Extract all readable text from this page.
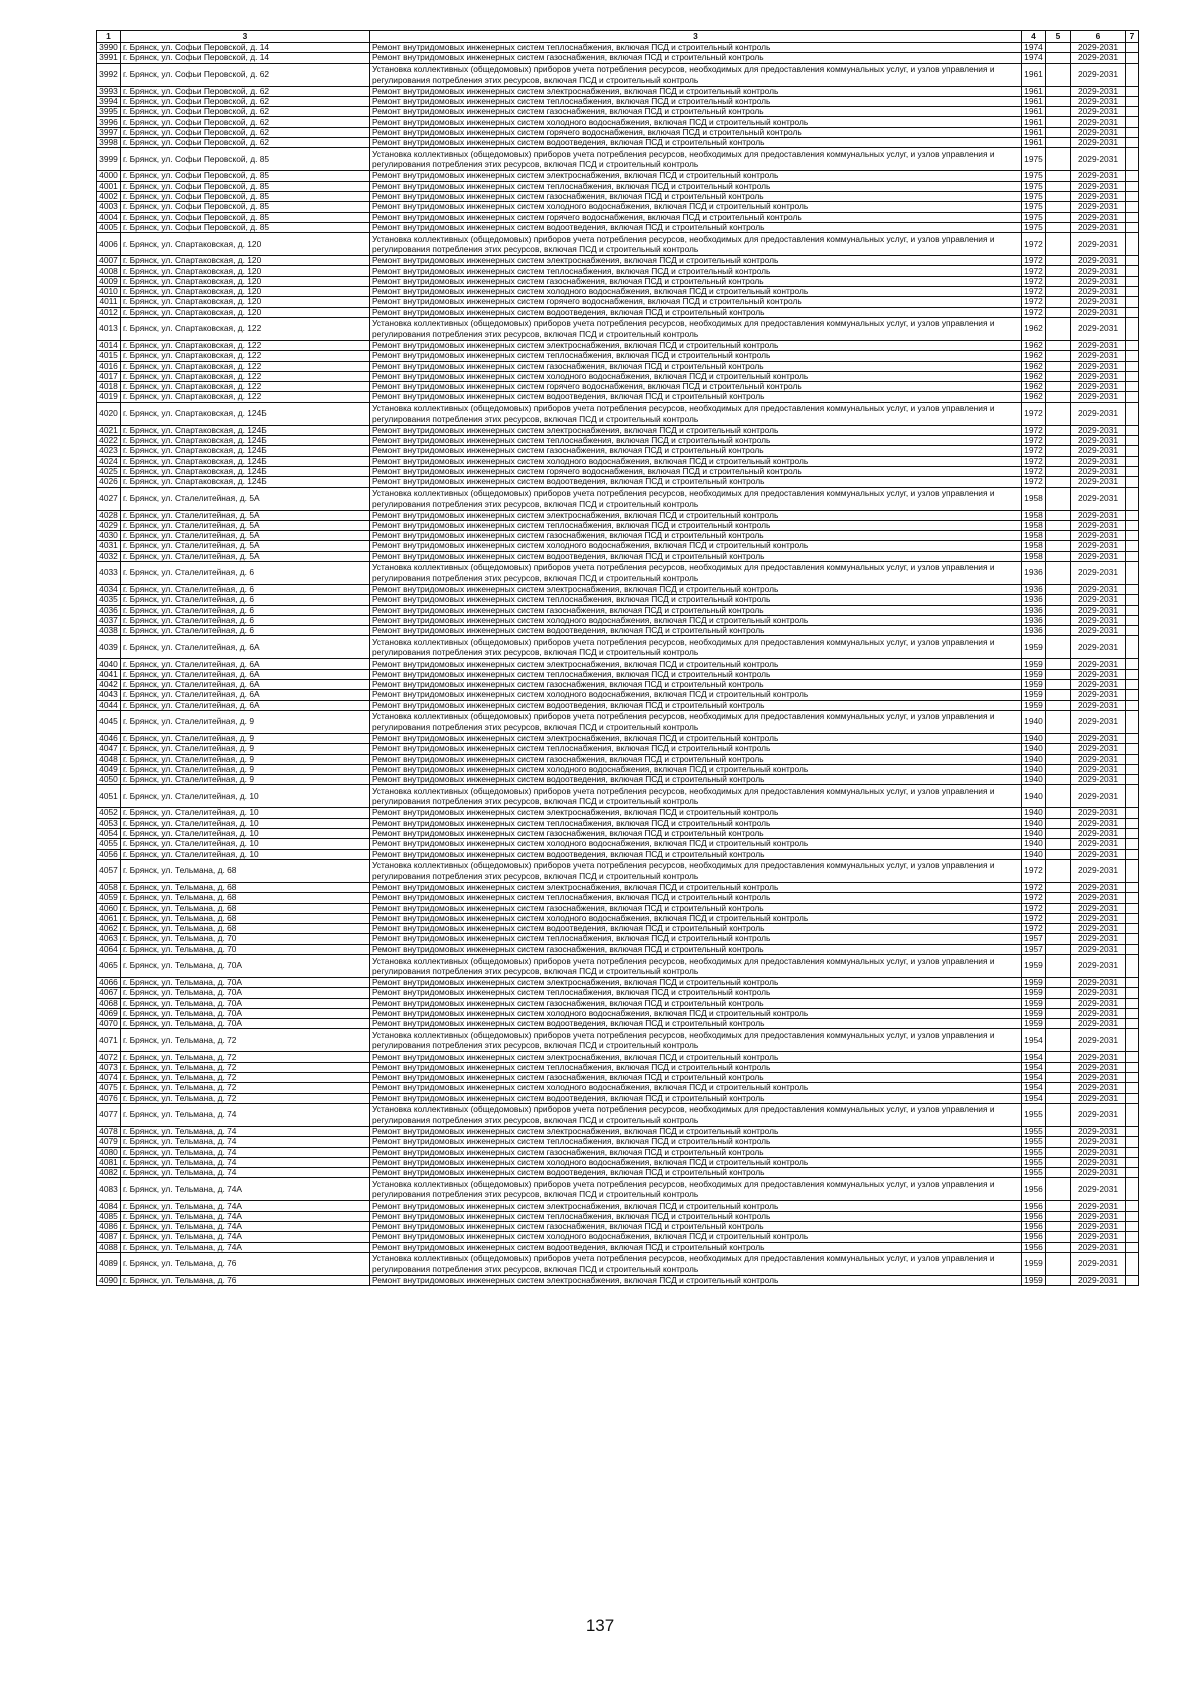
1	3	3	4	5	6	7
3990	г. Брянск, ул. Софьи Перовской, д. 14	Ремонт внутридомовых инженерных систем теплоснабжения, включая ПСД и строительный контроль	1974		2029-2031	
3991	г. Брянск, ул. Софьи Перовской, д. 14	Ремонт внутридомовых инженерных систем газоснабжения, включая ПСД и строительный контроль	1974		2029-2031	
3992	г. Брянск, ул. Софьи Перовской, д. 62	Установка коллективных (общедомовых) приборов учета потребления ресурсов, необходимых для предоставления коммунальных услуг, и узлов управления и регулирования потребления этих ресурсов, включая ПСД и строительный контроль	1961		2029-2031	
3993	г. Брянск, ул. Софьи Перовской, д. 62	Ремонт внутридомовых инженерных систем электроснабжения, включая ПСД и строительный контроль	1961		2029-2031	
3994	г. Брянск, ул. Софьи Перовской, д. 62	Ремонт внутридомовых инженерных систем теплоснабжения, включая ПСД и строительный контроль	1961		2029-2031	
3995	г. Брянск, ул. Софьи Перовской, д. 62	Ремонт внутридомовых инженерных систем газоснабжения, включая ПСД и строительный контроль	1961		2029-2031	
3996	г. Брянск, ул. Софьи Перовской, д. 62	Ремонт внутридомовых инженерных систем холодного водоснабжения, включая ПСД и строительный контроль	1961		2029-2031	
3997	г. Брянск, ул. Софьи Перовской, д. 62	Ремонт внутридомовых инженерных систем горячего водоснабжения, включая ПСД и строительный контроль	1961		2029-2031	
3998	г. Брянск, ул. Софьи Перовской, д. 62	Ремонт внутридомовых инженерных систем водоотведения, включая ПСД и строительный контроль	1961		2029-2031	
3999	г. Брянск, ул. Софьи Перовской, д. 85	Установка коллективных (общедомовых) приборов учета потребления ресурсов, необходимых для предоставления коммунальных услуг, и узлов управления и регулирования потребления этих ресурсов, включая ПСД и строительный контроль	1975		2029-2031	
4000	г. Брянск, ул. Софьи Перовской, д. 85	Ремонт внутридомовых инженерных систем электроснабжения, включая ПСД и строительный контроль	1975		2029-2031	
4001	г. Брянск, ул. Софьи Перовской, д. 85	Ремонт внутридомовых инженерных систем теплоснабжения, включая ПСД и строительный контроль	1975		2029-2031	
4002	г. Брянск, ул. Софьи Перовской, д. 85	Ремонт внутридомовых инженерных систем газоснабжения, включая ПСД и строительный контроль	1975		2029-2031	
4003	г. Брянск, ул. Софьи Перовской, д. 85	Ремонт внутридомовых инженерных систем холодного водоснабжения, включая ПСД и строительный контроль	1975		2029-2031	
4004	г. Брянск, ул. Софьи Перовской, д. 85	Ремонт внутридомовых инженерных систем горячего водоснабжения, включая ПСД и строительный контроль	1975		2029-2031	
4005	г. Брянск, ул. Софьи Перовской, д. 85	Ремонт внутридомовых инженерных систем водоотведения, включая ПСД и строительный контроль	1975		2029-2031	
4006	г. Брянск, ул. Спартаковская, д. 120	Установка коллективных (общедомовых) приборов учета потребления ресурсов, необходимых для предоставления коммунальных услуг, и узлов управления и регулирования потребления этих ресурсов, включая ПСД и строительный контроль	1972		2029-2031	
4007	г. Брянск, ул. Спартаковская, д. 120	Ремонт внутридомовых инженерных систем электроснабжения, включая ПСД и строительный контроль	1972		2029-2031	
4008	г. Брянск, ул. Спартаковская, д. 120	Ремонт внутридомовых инженерных систем теплоснабжения, включая ПСД и строительный контроль	1972		2029-2031	
4009	г. Брянск, ул. Спартаковская, д. 120	Ремонт внутридомовых инженерных систем газоснабжения, включая ПСД и строительный контроль	1972		2029-2031	
4010	г. Брянск, ул. Спартаковская, д. 120	Ремонт внутридомовых инженерных систем холодного водоснабжения, включая ПСД и строительный контроль	1972		2029-2031	
4011	г. Брянск, ул. Спартаковская, д. 120	Ремонт внутридомовых инженерных систем горячего водоснабжения, включая ПСД и строительный контроль	1972		2029-2031	
4012	г. Брянск, ул. Спартаковская, д. 120	Ремонт внутридомовых инженерных систем водоотведения, включая ПСД и строительный контроль	1972		2029-2031	
4013	г. Брянск, ул. Спартаковская, д. 122	Установка коллективных (общедомовых) приборов учета потребления ресурсов, необходимых для предоставления коммунальных услуг, и узлов управления и регулирования потребления этих ресурсов, включая ПСД и строительный контроль	1962		2029-2031	
4014	г. Брянск, ул. Спартаковская, д. 122	Ремонт внутридомовых инженерных систем электроснабжения, включая ПСД и строительный контроль	1962		2029-2031	
4015	г. Брянск, ул. Спартаковская, д. 122	Ремонт внутридомовых инженерных систем теплоснабжения, включая ПСД и строительный контроль	1962		2029-2031	
4016	г. Брянск, ул. Спартаковская, д. 122	Ремонт внутридомовых инженерных систем газоснабжения, включая ПСД и строительный контроль	1962		2029-2031	
4017	г. Брянск, ул. Спартаковская, д. 122	Ремонт внутридомовых инженерных систем холодного водоснабжения, включая ПСД и строительный контроль	1962		2029-2031	
4018	г. Брянск, ул. Спартаковская, д. 122	Ремонт внутридомовых инженерных систем горячего водоснабжения, включая ПСД и строительный контроль	1962		2029-2031	
4019	г. Брянск, ул. Спартаковская, д. 122	Ремонт внутридомовых инженерных систем водоотведения, включая ПСД и строительный контроль	1962		2029-2031	
4020	г. Брянск, ул. Спартаковская, д. 124Б	Установка коллективных (общедомовых) приборов учета потребления ресурсов, необходимых для предоставления коммунальных услуг, и узлов управления и регулирования потребления этих ресурсов, включая ПСД и строительный контроль	1972		2029-2031	
4021	г. Брянск, ул. Спартаковская, д. 124Б	Ремонт внутридомовых инженерных систем электроснабжения, включая ПСД и строительный контроль	1972		2029-2031	
4022	г. Брянск, ул. Спартаковская, д. 124Б	Ремонт внутридомовых инженерных систем теплоснабжения, включая ПСД и строительный контроль	1972		2029-2031	
4023	г. Брянск, ул. Спартаковская, д. 124Б	Ремонт внутридомовых инженерных систем газоснабжения, включая ПСД и строительный контроль	1972		2029-2031	
4024	г. Брянск, ул. Спартаковская, д. 124Б	Ремонт внутридомовых инженерных систем холодного водоснабжения, включая ПСД и строительный контроль	1972		2029-2031	
4025	г. Брянск, ул. Спартаковская, д. 124Б	Ремонт внутридомовых инженерных систем горячего водоснабжения, включая ПСД и строительный контроль	1972		2029-2031	
4026	г. Брянск, ул. Спартаковская, д. 124Б	Ремонт внутридомовых инженерных систем водоотведения, включая ПСД и строительный контроль	1972		2029-2031	
4027	г. Брянск, ул. Сталелитейная, д. 5А	Установка коллективных (общедомовых) приборов учета потребления ресурсов, необходимых для предоставления коммунальных услуг, и узлов управления и регулирования потребления этих ресурсов, включая ПСД и строительный контроль	1958		2029-2031	
4028	г. Брянск, ул. Сталелитейная, д. 5А	Ремонт внутридомовых инженерных систем электроснабжения, включая ПСД и строительный контроль	1958		2029-2031	
4029	г. Брянск, ул. Сталелитейная, д. 5А	Ремонт внутридомовых инженерных систем теплоснабжения, включая ПСД и строительный контроль	1958		2029-2031	
4030	г. Брянск, ул. Сталелитейная, д. 5А	Ремонт внутридомовых инженерных систем газоснабжения, включая ПСД и строительный контроль	1958		2029-2031	
4031	г. Брянск, ул. Сталелитейная, д. 5А	Ремонт внутридомовых инженерных систем холодного водоснабжения, включая ПСД и строительный контроль	1958		2029-2031	
4032	г. Брянск, ул. Сталелитейная, д. 5А	Ремонт внутридомовых инженерных систем водоотведения, включая ПСД и строительный контроль	1958		2029-2031	
4033	г. Брянск, ул. Сталелитейная, д. 6	Установка коллективных (общедомовых) приборов учета потребления ресурсов, необходимых для предоставления коммунальных услуг, и узлов управления и регулирования потребления этих ресурсов, включая ПСД и строительный контроль	1936		2029-2031	
4034	г. Брянск, ул. Сталелитейная, д. 6	Ремонт внутридомовых инженерных систем электроснабжения, включая ПСД и строительный контроль	1936		2029-2031	
4035	г. Брянск, ул. Сталелитейная, д. 6	Ремонт внутридомовых инженерных систем теплоснабжения, включая ПСД и строительный контроль	1936		2029-2031	
4036	г. Брянск, ул. Сталелитейная, д. 6	Ремонт внутридомовых инженерных систем газоснабжения, включая ПСД и строительный контроль	1936		2029-2031	
4037	г. Брянск, ул. Сталелитейная, д. 6	Ремонт внутридомовых инженерных систем холодного водоснабжения, включая ПСД и строительный контроль	1936		2029-2031	
4038	г. Брянск, ул. Сталелитейная, д. 6	Ремонт внутридомовых инженерных систем водоотведения, включая ПСД и строительный контроль	1936		2029-2031	
4039	г. Брянск, ул. Сталелитейная, д. 6А	Установка коллективных (общедомовых) приборов учета потребления ресурсов, необходимых для предоставления коммунальных услуг, и узлов управления и регулирования потребления этих ресурсов, включая ПСД и строительный контроль	1959		2029-2031	
4040	г. Брянск, ул. Сталелитейная, д. 6А	Ремонт внутридомовых инженерных систем электроснабжения, включая ПСД и строительный контроль	1959		2029-2031	
4041	г. Брянск, ул. Сталелитейная, д. 6А	Ремонт внутридомовых инженерных систем теплоснабжения, включая ПСД и строительный контроль	1959		2029-2031	
4042	г. Брянск, ул. Сталелитейная, д. 6А	Ремонт внутридомовых инженерных систем газоснабжения, включая ПСД и строительный контроль	1959		2029-2031	
4043	г. Брянск, ул. Сталелитейная, д. 6А	Ремонт внутридомовых инженерных систем холодного водоснабжения, включая ПСД и строительный контроль	1959		2029-2031	
4044	г. Брянск, ул. Сталелитейная, д. 6А	Ремонт внутридомовых инженерных систем водоотведения, включая ПСД и строительный контроль	1959		2029-2031	
4045	г. Брянск, ул. Сталелитейная, д. 9	Установка коллективных (общедомовых) приборов учета потребления ресурсов, необходимых для предоставления коммунальных услуг, и узлов управления и регулирования потребления этих ресурсов, включая ПСД и строительный контроль	1940		2029-2031	
4046	г. Брянск, ул. Сталелитейная, д. 9	Ремонт внутридомовых инженерных систем электроснабжения, включая ПСД и строительный контроль	1940		2029-2031	
4047	г. Брянск, ул. Сталелитейная, д. 9	Ремонт внутридомовых инженерных систем теплоснабжения, включая ПСД и строительный контроль	1940		2029-2031	
4048	г. Брянск, ул. Сталелитейная, д. 9	Ремонт внутридомовых инженерных систем газоснабжения, включая ПСД и строительный контроль	1940		2029-2031	
4049	г. Брянск, ул. Сталелитейная, д. 9	Ремонт внутридомовых инженерных систем холодного водоснабжения, включая ПСД и строительный контроль	1940		2029-2031	
4050	г. Брянск, ул. Сталелитейная, д. 9	Ремонт внутридомовых инженерных систем водоотведения, включая ПСД и строительный контроль	1940		2029-2031	
4051	г. Брянск, ул. Сталелитейная, д. 10	Установка коллективных (общедомовых) приборов учета потребления ресурсов, необходимых для предоставления коммунальных услуг, и узлов управления и регулирования потребления этих ресурсов, включая ПСД и строительный контроль	1940		2029-2031	
4052	г. Брянск, ул. Сталелитейная, д. 10	Ремонт внутридомовых инженерных систем электроснабжения, включая ПСД и строительный контроль	1940		2029-2031	
4053	г. Брянск, ул. Сталелитейная, д. 10	Ремонт внутридомовых инженерных систем теплоснабжения, включая ПСД и строительный контроль	1940		2029-2031	
4054	г. Брянск, ул. Сталелитейная, д. 10	Ремонт внутридомовых инженерных систем газоснабжения, включая ПСД и строительный контроль	1940		2029-2031	
4055	г. Брянск, ул. Сталелитейная, д. 10	Ремонт внутридомовых инженерных систем холодного водоснабжения, включая ПСД и строительный контроль	1940		2029-2031	
4056	г. Брянск, ул. Сталелитейная, д. 10	Ремонт внутридомовых инженерных систем водоотведения, включая ПСД и строительный контроль	1940		2029-2031	
4057	г. Брянск, ул. Тельмана, д. 68	Установка коллективных (общедомовых) приборов учета потребления ресурсов, необходимых для предоставления коммунальных услуг, и узлов управления и регулирования потребления этих ресурсов, включая ПСД и строительный контроль	1972		2029-2031	
4058	г. Брянск, ул. Тельмана, д. 68	Ремонт внутридомовых инженерных систем электроснабжения, включая ПСД и строительный контроль	1972		2029-2031	
4059	г. Брянск, ул. Тельмана, д. 68	Ремонт внутридомовых инженерных систем теплоснабжения, включая ПСД и строительный контроль	1972		2029-2031	
4060	г. Брянск, ул. Тельмана, д. 68	Ремонт внутридомовых инженерных систем газоснабжения, включая ПСД и строительный контроль	1972		2029-2031	
4061	г. Брянск, ул. Тельмана, д. 68	Ремонт внутридомовых инженерных систем холодного водоснабжения, включая ПСД и строительный контроль	1972		2029-2031	
4062	г. Брянск, ул. Тельмана, д. 68	Ремонт внутридомовых инженерных систем водоотведения, включая ПСД и строительный контроль	1972		2029-2031	
4063	г. Брянск, ул. Тельмана, д. 70	Ремонт внутридомовых инженерных систем теплоснабжения, включая ПСД и строительный контроль	1957		2029-2031	
4064	г. Брянск, ул. Тельмана, д. 70	Ремонт внутридомовых инженерных систем газоснабжения, включая ПСД и строительный контроль	1957		2029-2031	
4065	г. Брянск, ул. Тельмана, д. 70А	Установка коллективных (общедомовых) приборов учета потребления ресурсов, необходимых для предоставления коммунальных услуг, и узлов управления и регулирования потребления этих ресурсов, включая ПСД и строительный контроль	1959		2029-2031	
4066	г. Брянск, ул. Тельмана, д. 70А	Ремонт внутридомовых инженерных систем электроснабжения, включая ПСД и строительный контроль	1959		2029-2031	
4067	г. Брянск, ул. Тельмана, д. 70А	Ремонт внутридомовых инженерных систем теплоснабжения, включая ПСД и строительный контроль	1959		2029-2031	
4068	г. Брянск, ул. Тельмана, д. 70А	Ремонт внутридомовых инженерных систем газоснабжения, включая ПСД и строительный контроль	1959		2029-2031	
4069	г. Брянск, ул. Тельмана, д. 70А	Ремонт внутридомовых инженерных систем холодного водоснабжения, включая ПСД и строительный контроль	1959		2029-2031	
4070	г. Брянск, ул. Тельмана, д. 70А	Ремонт внутридомовых инженерных систем водоотведения, включая ПСД и строительный контроль	1959		2029-2031	
4071	г. Брянск, ул. Тельмана, д. 72	Установка коллективных (общедомовых) приборов учета потребления ресурсов, необходимых для предоставления коммунальных услуг, и узлов управления и регулирования потребления этих ресурсов, включая ПСД и строительный контроль	1954		2029-2031	
4072	г. Брянск, ул. Тельмана, д. 72	Ремонт внутридомовых инженерных систем электроснабжения, включая ПСД и строительный контроль	1954		2029-2031	
4073	г. Брянск, ул. Тельмана, д. 72	Ремонт внутридомовых инженерных систем теплоснабжения, включая ПСД и строительный контроль	1954		2029-2031	
4074	г. Брянск, ул. Тельмана, д. 72	Ремонт внутридомовых инженерных систем газоснабжения, включая ПСД и строительный контроль	1954		2029-2031	
4075	г. Брянск, ул. Тельмана, д. 72	Ремонт внутридомовых инженерных систем холодного водоснабжения, включая ПСД и строительный контроль	1954		2029-2031	
4076	г. Брянск, ул. Тельмана, д. 72	Ремонт внутридомовых инженерных систем водоотведения, включая ПСД и строительный контроль	1954		2029-2031	
4077	г. Брянск, ул. Тельмана, д. 74	Установка коллективных (общедомовых) приборов учета потребления ресурсов, необходимых для предоставления коммунальных услуг, и узлов управления и регулирования потребления этих ресурсов, включая ПСД и строительный контроль	1955		2029-2031	
4078	г. Брянск, ул. Тельмана, д. 74	Ремонт внутридомовых инженерных систем электроснабжения, включая ПСД и строительный контроль	1955		2029-2031	
4079	г. Брянск, ул. Тельмана, д. 74	Ремонт внутридомовых инженерных систем теплоснабжения, включая ПСД и строительный контроль	1955		2029-2031	
4080	г. Брянск, ул. Тельмана, д. 74	Ремонт внутридомовых инженерных систем газоснабжения, включая ПСД и строительный контроль	1955		2029-2031	
4081	г. Брянск, ул. Тельмана, д. 74	Ремонт внутридомовых инженерных систем холодного водоснабжения, включая ПСД и строительный контроль	1955		2029-2031	
4082	г. Брянск, ул. Тельмана, д. 74	Ремонт внутридомовых инженерных систем водоотведения, включая ПСД и строительный контроль	1955		2029-2031	
4083	г. Брянск, ул. Тельмана, д. 74А	Установка коллективных (общедомовых) приборов учета потребления ресурсов, необходимых для предоставления коммунальных услуг, и узлов управления и регулирования потребления этих ресурсов, включая ПСД и строительный контроль	1956		2029-2031	
4084	г. Брянск, ул. Тельмана, д. 74А	Ремонт внутридомовых инженерных систем электроснабжения, включая ПСД и строительный контроль	1956		2029-2031	
4085	г. Брянск, ул. Тельмана, д. 74А	Ремонт внутридомовых инженерных систем теплоснабжения, включая ПСД и строительный контроль	1956		2029-2031	
4086	г. Брянск, ул. Тельмана, д. 74А	Ремонт внутридомовых инженерных систем газоснабжения, включая ПСД и строительный контроль	1956		2029-2031	
4087	г. Брянск, ул. Тельмана, д. 74А	Ремонт внутридомовых инженерных систем холодного водоснабжения, включая ПСД и строительный контроль	1956		2029-2031	
4088	г. Брянск, ул. Тельмана, д. 74А	Ремонт внутридомовых инженерных систем водоотведения, включая ПСД и строительный контроль	1956		2029-2031	
4089	г. Брянск, ул. Тельмана, д. 76	Установка коллективных (общедомовых) приборов учета потребления ресурсов, необходимых для предоставления коммунальных услуг, и узлов управления и регулирования потребления этих ресурсов, включая ПСД и строительный контроль	1959		2029-2031	
4090	г. Брянск, ул. Тельмана, д. 76	Ремонт внутридомовых инженерных систем электроснабжения, включая ПСД и строительный контроль	1959		2029-2031	
137
